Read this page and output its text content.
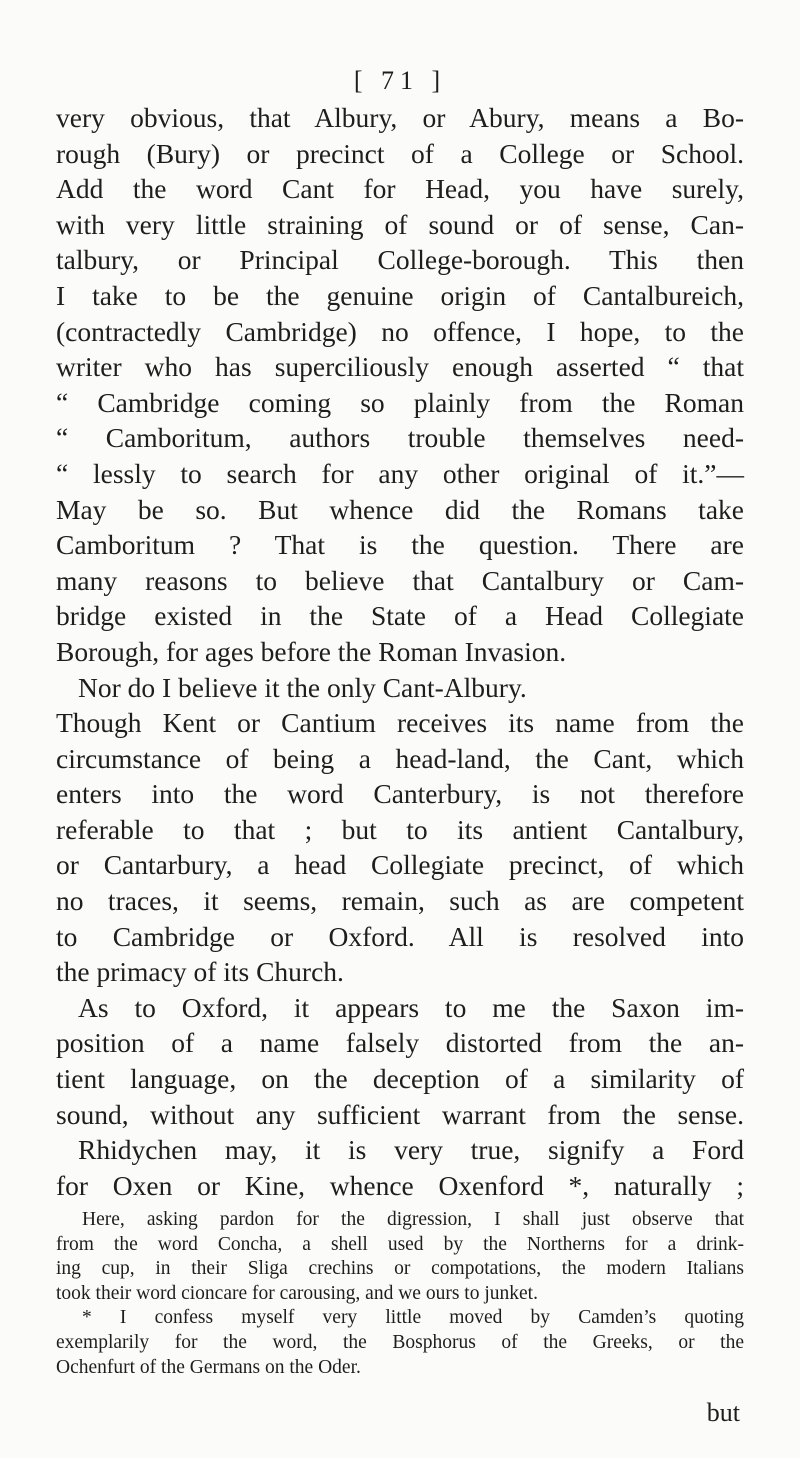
[ 71 ]
very obvious, that Albury, or Abury, means a Bo-
rough (Bury) or precinct of a College or School.
Add the word Cant for Head, you have surely,
with very little straining of sound or of sense, Can-
talbury, or Principal College-borough. This then
I take to be the genuine origin of Cantalbureich,
(contractedly Cambridge) no offence, I hope, to the
writer who has superciliously enough asserted “ that
“ Cambridge coming so plainly from the Roman
“ Camboritum, authors trouble themselves need-
“ lessly to search for any other original of it.”—
May be so. But whence did the Romans take
Camboritum ? That is the question. There are
many reasons to believe that Cantalbury or Cam-
bridge existed in the State of a Head Collegiate
Borough, for ages before the Roman Invasion.
Nor do I believe it the only Cant-Albury.
Though Kent or Cantium receives its name from the
circumstance of being a head-land, the Cant, which
enters into the word Canterbury, is not therefore
referable to that ; but to its antient Cantalbury,
or Cantarbury, a head Collegiate precinct, of which
no traces, it seems, remain, such as are competent
to Cambridge or Oxford. All is resolved into
the primacy of its Church.
As to Oxford, it appears to me the Saxon im-
position of a name falsely distorted from the an-
tient language, on the deception of a similarity of
sound, without any sufficient warrant from the sense.
Rhidychen may, it is very true, signify a Ford
for Oxen or Kine, whence Oxenford *, naturally ;
Here, asking pardon for the digression, I shall just observe that
from the word Concha, a shell used by the Northerns for a drink-
ing cup, in their Sliga crechins or compotations, the modern Italians
took their word cioncare for carousing, and we ours to junket.
* I confess myself very little moved by Camden’s quoting
exemplarily for the word, the Bosphorus of the Greeks, or the
Ochenfurt of the Germans on the Oder.
but
